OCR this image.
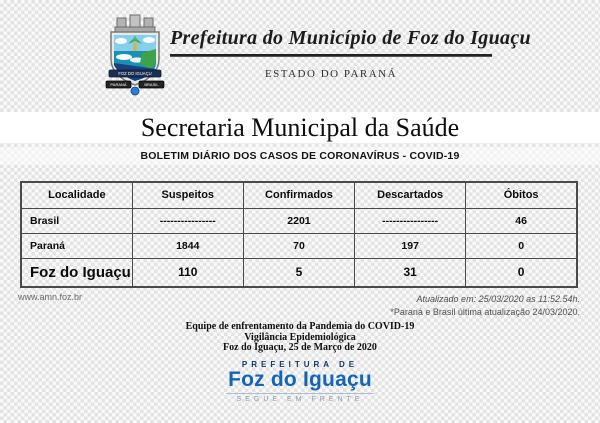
FOZ DO IGUAÇU
PARANÁ	BRASIL
Prefeitura do Município de Foz do Iguaçu
ESTADO DO PARANÁ
Secretaria Municipal da Saúde
BOLETIM DIÁRIO DOS CASOS DE CORONAVÍRUS - COVID-19
Localidade	Suspeitos	Confirmados	Descartados	Óbitos
Brasil	----------------	2201	----------------	46
Paraná	1844	70	197	0
Foz do Iguaçu	110	5	31	0
www.amn.foz.br	Atualizado em: 25/03/2020 as 11:52.54h.
*Paraná e Brasil última atualização 24/03/2020.
Equipe de enfrentamento da Pandemia do COVID-19
Vigilância Epidemiológica
Foz do Iguaçu, 25 de Março de 2020
PREFEITURA DE
Foz do Iguaçu
SEGUE EM FRENTE
